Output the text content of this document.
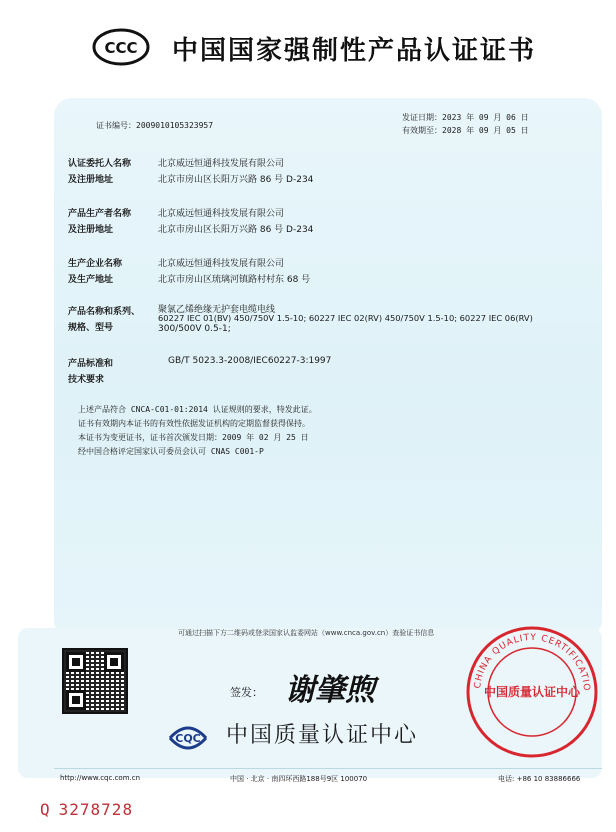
CCC 中国国家强制性产品认证证书
证书编号：2009010105323957
发证日期：2023 年 09 月 06 日
有效期至：2028 年 09 月 05 日
认证委托人名称
及注册地址
北京威远恒通科技发展有限公司
北京市房山区长阳万兴路 86 号 D-234
产品生产者名称
及注册地址
北京威远恒通科技发展有限公司
北京市房山区长阳万兴路 86 号 D-234
生产企业名称
及生产地址
北京威远恒通科技发展有限公司
北京市房山区琉璃河镇路村村东 68 号
产品名称和系列、
规格、型号
聚氯乙烯绝缘无护套电缆电线
60227 IEC 01(BV) 450/750V 1.5-10; 60227 IEC 02(RV) 450/750V 1.5-10; 60227 IEC 06(RV)
300/500V 0.5-1;
产品标准和
技术要求
GB/T 5023.3-2008/IEC60227-3:1997
上述产品符合 CNCA-C01-01:2014 认证规则的要求，特发此证。
证书有效期内本证书的有效性依据发证机构的定期监督获得保持。
本证书为变更证书，证书首次颁发日期：2009 年 02 月 25 日
经中国合格评定国家认可委员会认可 CNAS C001-P
可通过扫描下方二维码或登录国家认监委网站（www.cnca.gov.cn）查验证书信息
签发： 谢肇煦
CQC 中国质量认证中心
CHINA QUALITY CERTIFICATIO
中国质量认证中心
http://www.cqc.com.cn	中国 · 北京 · 南四环西路188号9区 100070	电话: +86 10 83886666
Q 3278728
